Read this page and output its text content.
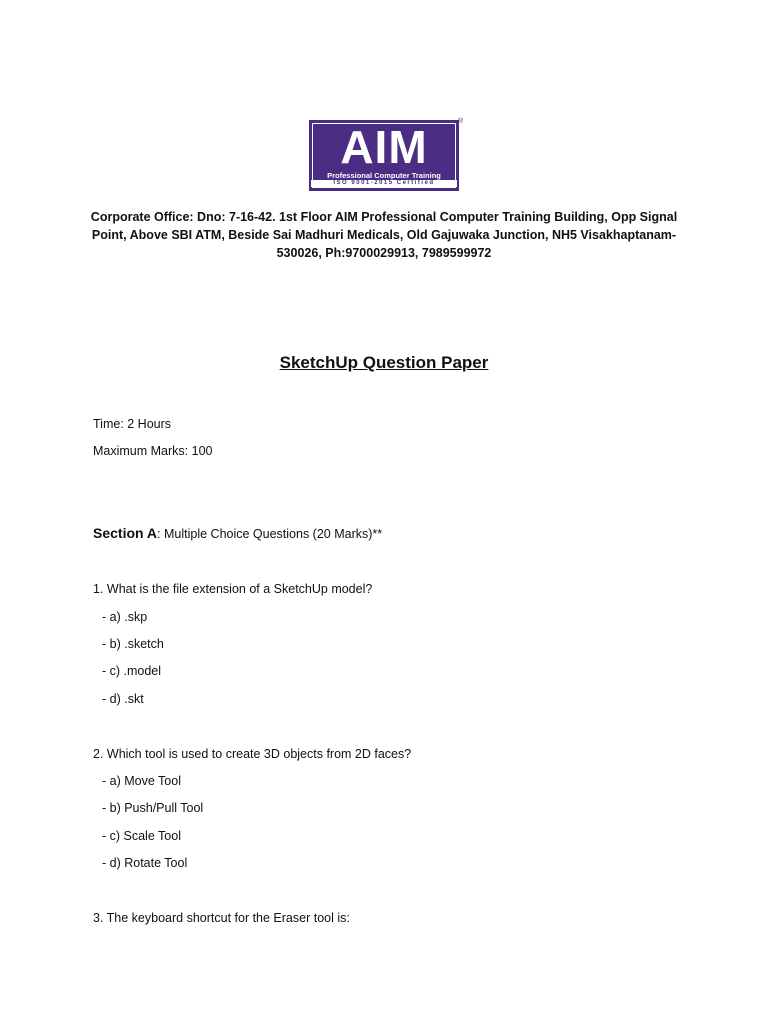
AIM
Professional Computer Training
ISO 9001-2015 Certified
®
Corporate Office: Dno: 7-16-42. 1st Floor AIM Professional Computer Training Building, Opp Signal Point, Above SBI ATM, Beside Sai Madhuri Medicals, Old Gajuwaka Junction, NH5 Visakhaptanam-530026, Ph:9700029913, 7989599972
SketchUp Question Paper
Time: 2 Hours
Maximum Marks: 100
Section A: Multiple Choice Questions (20 Marks)**
1. What is the file extension of a SketchUp model?
- a) .skp
- b) .sketch
- c) .model
- d) .skt
2. Which tool is used to create 3D objects from 2D faces?
- a) Move Tool
- b) Push/Pull Tool
- c) Scale Tool
- d) Rotate Tool
3. The keyboard shortcut for the Eraser tool is:
